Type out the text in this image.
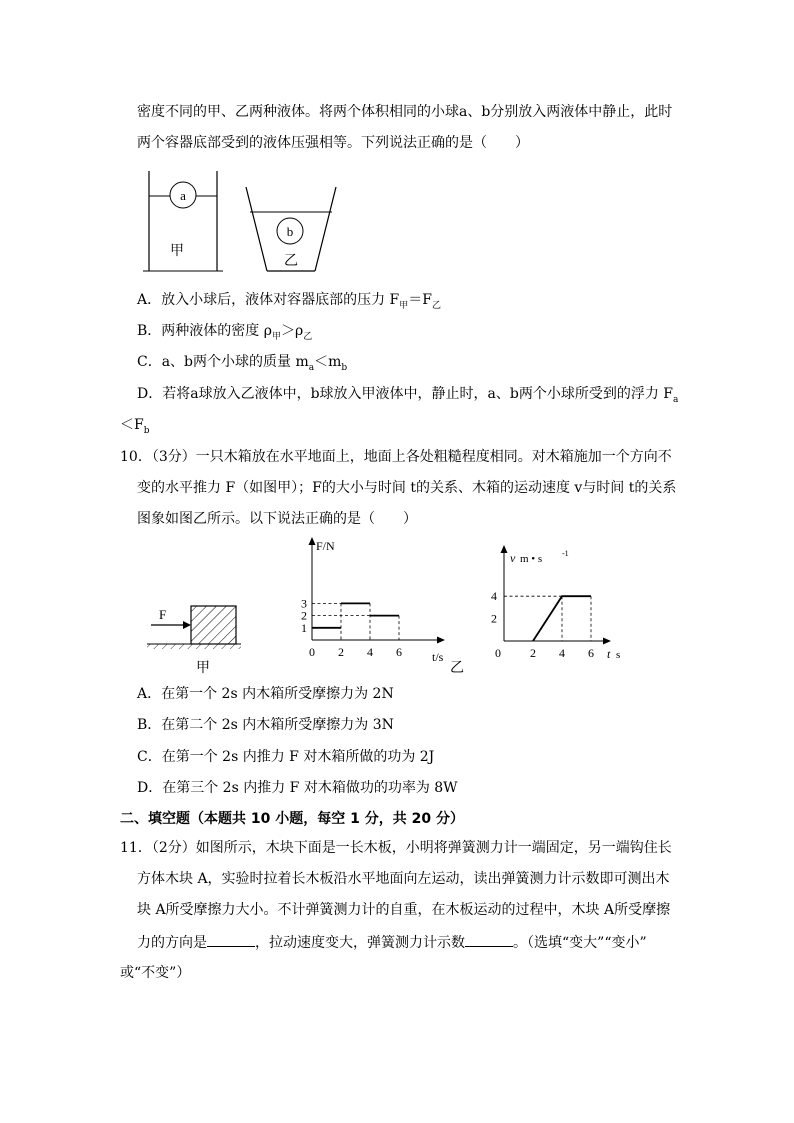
密度不同的甲、乙两种液体。将两个体积相同的小球a、b分别放入两液体中静止，此时
两个容器底部受到的液体压强相等。下列说法正确的是（　　）
a
甲
b
乙
A．放入小球后，液体对容器底部的压力 $F_甲=F_乙$
B．两种液体的密度 $\rho_甲>\rho_乙$
C．a、b两个小球的质量 $m_a<m_b$
D．若将a球放入乙液体中，b球放入甲液体中，静止时，a、b两个小球所受到的浮力 $F_a$
$<F_b$
10．（3分）一只木箱放在水平地面上，地面上各处粗糙程度相同。对木箱施加一个方向不
变的水平推力 F（如图甲）；F的大小与时间 t的关系、木箱的运动速度 v与时间 t的关系
图象如图乙所示。以下说法正确的是（　　）
F
甲
F/N
t/s
乙
1
2
3
0 2 4 6
v m • s -1
t s
2
4
0 2 4 6
A．在第一个 2s 内木箱所受摩擦力为 2N
B．在第二个 2s 内木箱所受摩擦力为 3N
C．在第一个 2s 内推力 F 对木箱所做的功为 2J
D．在第三个 2s 内推力 F 对木箱做功的功率为 8W
二、填空题（本题共 10 小题，每空 1 分，共 20 分）
11．（2分）如图所示，木块下面是一长木板，小明将弹簧测力计一端固定，另一端钩住长
方体木块 A，实验时拉着长木板沿水平地面向左运动，读出弹簧测力计示数即可测出木
块 A所受摩擦力大小。不计弹簧测力计的自重，在木板运动的过程中，木块 A所受摩擦
力的方向是	，拉动速度变大，弹簧测力计示数	。（选填“变大”“变小”
或“不变”）
